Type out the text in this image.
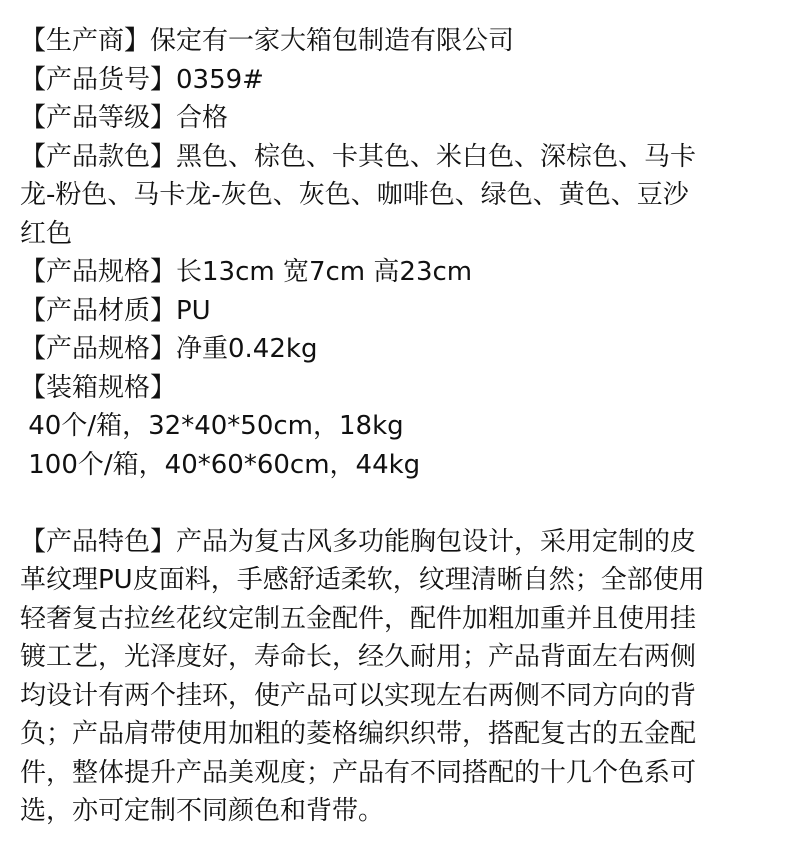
【生产商】保定有一家大箱包制造有限公司
【产品货号】0359#
【产品等级】合格
【产品款色】黑色、棕色、卡其色、米白色、深棕色、马卡
龙-粉色、马卡龙-灰色、灰色、咖啡色、绿色、黄色、豆沙
红色
【产品规格】长13cm 宽7cm 高23cm
【产品材质】PU
【产品规格】净重0.42kg
【装箱规格】
40个/箱，32*40*50cm，18kg
100个/箱，40*60*60cm，44kg
【产品特色】产品为复古风多功能胸包设计，采用定制的皮
革纹理PU皮面料，手感舒适柔软，纹理清晰自然；全部使用
轻奢复古拉丝花纹定制五金配件，配件加粗加重并且使用挂
镀工艺，光泽度好，寿命长，经久耐用；产品背面左右两侧
均设计有两个挂环，使产品可以实现左右两侧不同方向的背
负；产品肩带使用加粗的菱格编织织带，搭配复古的五金配
件，整体提升产品美观度；产品有不同搭配的十几个色系可
选，亦可定制不同颜色和背带。
